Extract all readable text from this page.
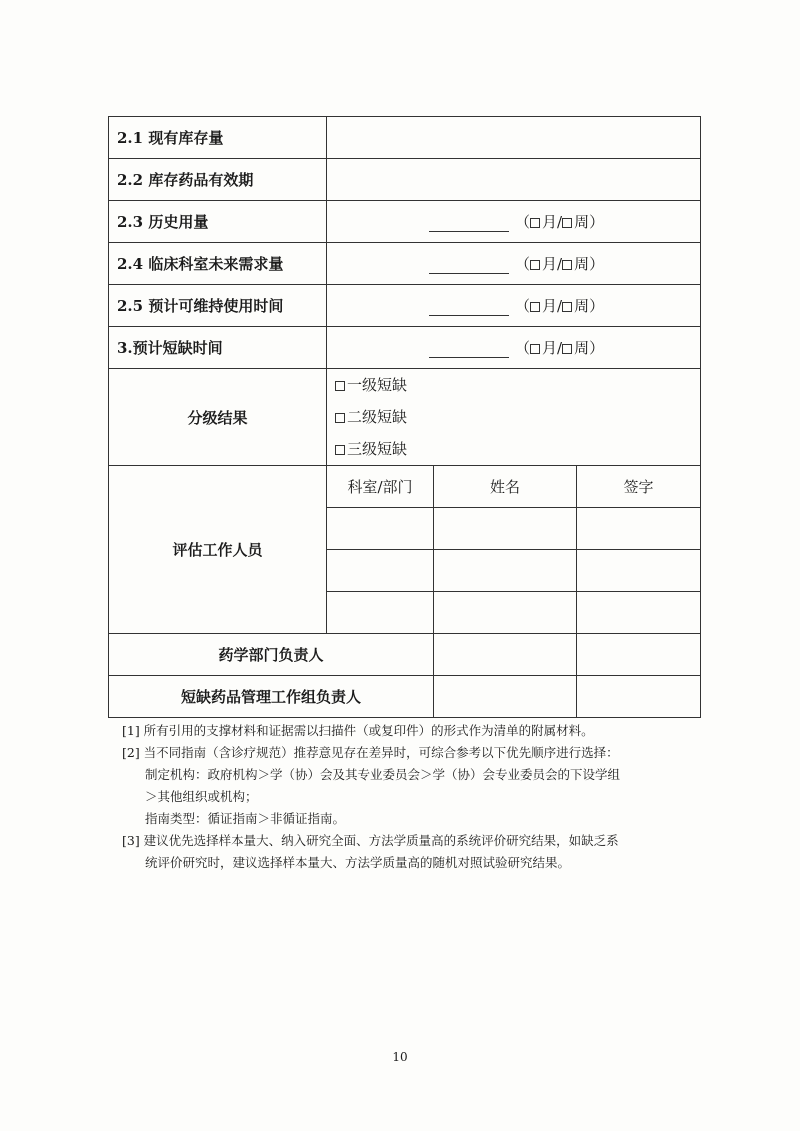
2.1 现有库存量			
2.2 库存药品有效期			
2.3 历史用量	（ 月/ 周）		
2.4 临床科室未来需求量	（ 月/ 周）		
2.5 预计可维持使用时间	（ 月/ 周）		
3.预计短缺时间	（ 月/ 周）		
分级结果	一级短缺
二级短缺
三级短缺		

评估工作人员	科室/部门	姓名	签字

药学部门负责人			
短缺药品管理工作组负责人			

[1] 所有引用的支撑材料和证据需以扫描件（或复印件）的形式作为清单的附属材料。

[2] 当不同指南（含诊疗规范）推荐意见存在差异时，可综合参考以下优先顺序进行选择：

制定机构：政府机构＞学（协）会及其专业委员会＞学（协）会专业委员会的下设学组

＞其他组织或机构；

指南类型：循证指南＞非循证指南。

[3] 建议优先选择样本量大、纳入研究全面、方法学质量高的系统评价研究结果，如缺乏系

统评价研究时，建议选择样本量大、方法学质量高的随机对照试验研究结果。

10
